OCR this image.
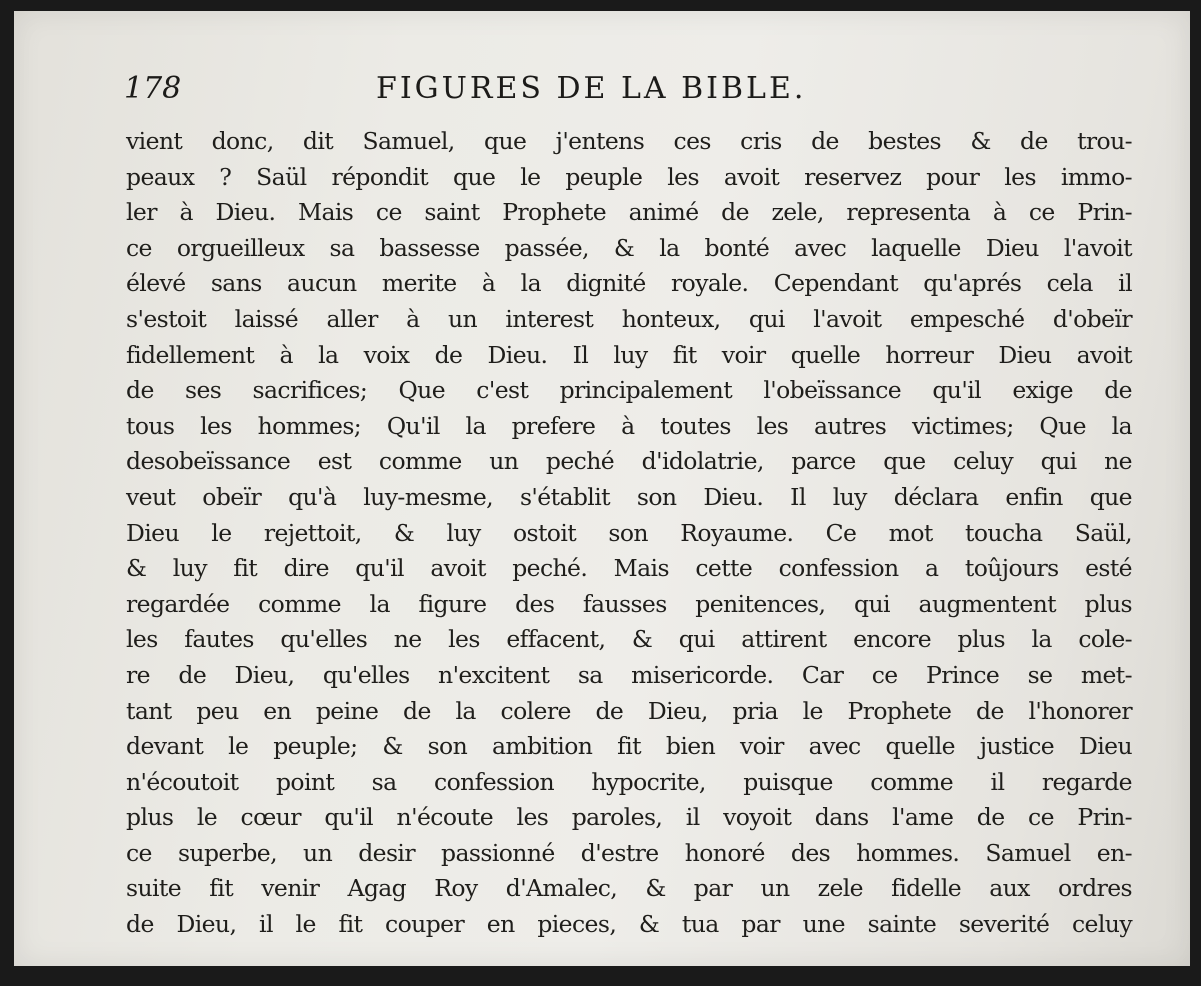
178	FIGURES DE LA BIBLE.
vient donc, dit Samuel, que j'entens ces cris de bestes & de trou-
peaux ? Saül répondit que le peuple les avoit reservez pour les immo-
ler à Dieu. Mais ce saint Prophete animé de zele, representa à ce Prin-
ce orgueilleux sa bassesse passée, & la bonté avec laquelle Dieu l'avoit
élevé sans aucun merite à la dignité royale. Cependant qu'aprés cela il
s'estoit laissé aller à un interest honteux, qui l'avoit empesché d'obeïr
fidellement à la voix de Dieu. Il luy fit voir quelle horreur Dieu avoit
de ses sacrifices; Que c'est principalement l'obeïssance qu'il exige de
tous les hommes; Qu'il la prefere à toutes les autres victimes; Que la
desobeïssance est comme un peché d'idolatrie, parce que celuy qui ne
veut obeïr qu'à luy-mesme, s'établit son Dieu. Il luy déclara enfin que
Dieu le rejettoit, & luy ostoit son Royaume. Ce mot toucha Saül,
& luy fit dire qu'il avoit peché. Mais cette confession a toûjours esté
regardée comme la figure des fausses penitences, qui augmentent plus
les fautes qu'elles ne les effacent, & qui attirent encore plus la cole-
re de Dieu, qu'elles n'excitent sa misericorde. Car ce Prince se met-
tant peu en peine de la colere de Dieu, pria le Prophete de l'honorer
devant le peuple; & son ambition fit bien voir avec quelle justice Dieu
n'écoutoit point sa confession hypocrite, puisque comme il regarde
plus le cœur qu'il n'écoute les paroles, il voyoit dans l'ame de ce Prin-
ce superbe, un desir passionné d'estre honoré des hommes. Samuel en-
suite fit venir Agag Roy d'Amalec, & par un zele fidelle aux ordres
de Dieu, il le fit couper en pieces, & tua par une sainte severité celuy
